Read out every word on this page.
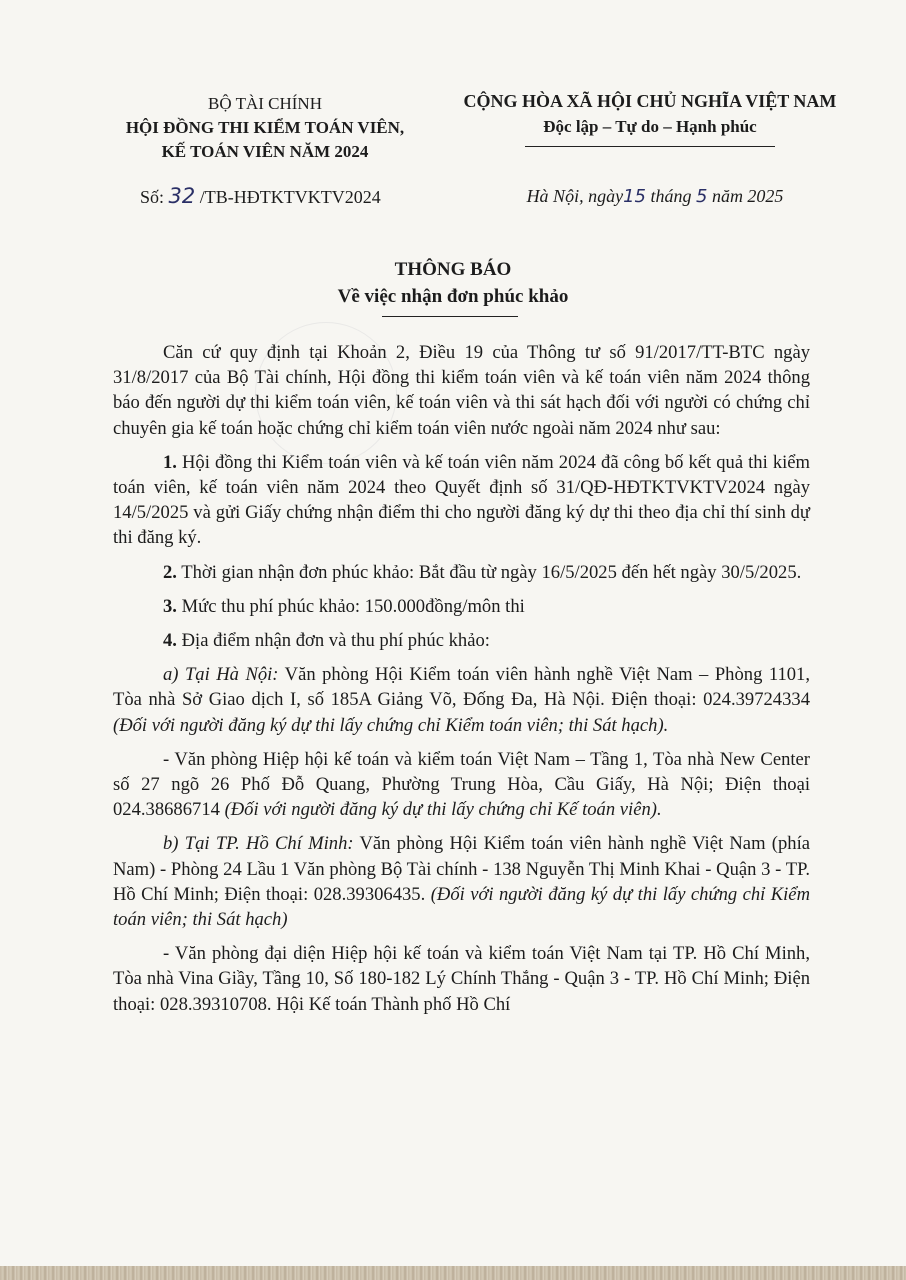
BỘ TÀI CHÍNH
HỘI ĐỒNG THI KIỂM TOÁN VIÊN,
KẾ TOÁN VIÊN NĂM 2024
CỘNG HÒA XÃ HỘI CHỦ NGHĨA VIỆT NAM
Độc lập – Tự do – Hạnh phúc
Số: 32 /TB-HĐTKTVKTV2024	Hà Nội, ngày15 tháng 5 năm 2025
THÔNG BÁO
Về việc nhận đơn phúc khảo

Căn cứ quy định tại Khoản 2, Điều 19 của Thông tư số 91/2017/TT-BTC ngày 31/8/2017 của Bộ Tài chính, Hội đồng thi kiểm toán viên và kế toán viên năm 2024 thông báo đến người dự thi kiểm toán viên, kế toán viên và thi sát hạch đối với người có chứng chỉ chuyên gia kế toán hoặc chứng chỉ kiểm toán viên nước ngoài năm 2024 như sau:

1. Hội đồng thi Kiểm toán viên và kế toán viên năm 2024 đã công bố kết quả thi kiểm toán viên, kế toán viên năm 2024 theo Quyết định số 31/QĐ-HĐTKTVKTV2024 ngày 14/5/2025 và gửi Giấy chứng nhận điểm thi cho người đăng ký dự thi theo địa chỉ thí sinh dự thi đăng ký.

2. Thời gian nhận đơn phúc khảo: Bắt đầu từ ngày 16/5/2025 đến hết ngày 30/5/2025.

3. Mức thu phí phúc khảo: 150.000đồng/môn thi

4. Địa điểm nhận đơn và thu phí phúc khảo:

a) Tại Hà Nội: Văn phòng Hội Kiểm toán viên hành nghề Việt Nam – Phòng 1101, Tòa nhà Sở Giao dịch I, số 185A Giảng Võ, Đống Đa, Hà Nội. Điện thoại: 024.39724334 (Đối với người đăng ký dự thi lấy chứng chỉ Kiểm toán viên; thi Sát hạch).

- Văn phòng Hiệp hội kế toán và kiểm toán Việt Nam – Tầng 1, Tòa nhà New Center số 27 ngõ 26 Phố Đỗ Quang, Phường Trung Hòa, Cầu Giấy, Hà Nội; Điện thoại 024.38686714 (Đối với người đăng ký dự thi lấy chứng chỉ Kế toán viên).

b) Tại TP. Hồ Chí Minh: Văn phòng Hội Kiểm toán viên hành nghề Việt Nam (phía Nam) - Phòng 24 Lầu 1 Văn phòng Bộ Tài chính - 138 Nguyễn Thị Minh Khai - Quận 3 - TP. Hồ Chí Minh; Điện thoại: 028.39306435. (Đối với người đăng ký dự thi lấy chứng chỉ Kiểm toán viên; thi Sát hạch)

- Văn phòng đại diện Hiệp hội kế toán và kiểm toán Việt Nam tại TP. Hồ Chí Minh, Tòa nhà Vina Giầy, Tầng 10, Số 180-182 Lý Chính Thắng - Quận 3 - TP. Hồ Chí Minh; Điện thoại: 028.39310708. Hội Kế toán Thành phố Hồ Chí
